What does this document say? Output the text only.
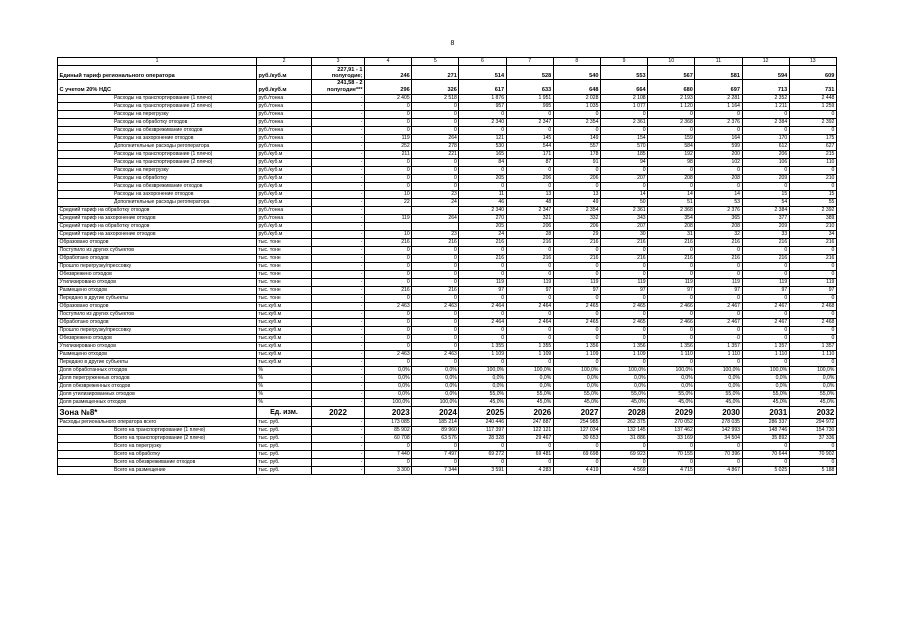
8
1	2	3	4	5	6	7	8	9	10	11	12	13
Единый тариф регионального оператора	руб./куб.м	227,91 - 1
полугодие;	246	271	514	528	540	553	567	581	594	609
С учетом 20% НДС	руб./куб.м	241,58 - 2
полугодие***	296	326	617	633	648	664	680	697	713	731
Расходы на транспортирование (1 плечо)	руб./тонна	-	2 405	2 518	1 876	1 951	2 028	2 108	2 193	2 281	2 352	2 448
Расходы на транспортирование (2 плечо)	руб./тонна	-	0	0	957	995	1 035	1 077	1 120	1 164	1 211	1 259
Расходы на перегрузку	руб./тонна	-	0	0	0	0	0	0	0	0	0	0
Расходы на обработку отходов	руб./тонна	-	0	0	2 340	2 347	2 354	2 361	2 368	2 376	2 384	2 392
Расходы на обезвреживание отходов	руб./тонна	-	0	0	0	0	0	0	0	0	0	0
Расходы на захоронение отходов	руб./тонна	-	119	264	121	145	149	154	159	164	170	175
Дополнительные расходы регоператора	руб./тонна	-	252	278	530	544	557	570	584	599	612	627
Расходы на транспортирование (1 плечо)	руб./куб.м	-	211	221	165	171	178	185	192	200	206	215
Расходы на транспортирование (2 плечо)	руб./куб.м	-	0	0	84	87	91	94	98	102	106	110
Расходы на перегрузку	руб./куб.м	-	0	0	0	0	0	0	0	0	0	0
Расходы на обработку	руб./куб.м	-	0	0	205	206	206	207	208	208	209	210
Расходы на обезвреживание отходов	руб./куб.м	-	0	0	0	0	0	0	0	0	0	0
Расходы на захоронение отходов	руб./куб.м	-	10	23	11	13	13	14	14	14	15	15
Дополнительные расходы регоператора	руб./куб.м	-	22	24	46	48	49	50	51	53	54	55
Средний тариф на обработку отходов	руб./тонна	-			2 340	2 347	2 354	2 361	2 368	2 376	2 384	2 392
Средний тариф на захоронение отходов	руб./тонна	-	119	264	270	321	332	343	354	365	377	389
Средний тариф на обработку отходов	руб./куб.м	-			205	206	206	207	208	208	209	210
Средний тариф на захоронение отходов	руб./куб.м	-	10	23	24	28	29	30	31	32	33	34
Образовано отходов	тыс. тонн	-	216	216	216	216	216	216	216	216	216	216
Поступило из других субъектов	тыс. тонн	-	0	0	0	0	0	0	0	0	0	0
Обработано отходов	тыс. тонн	-	0	0	216	216	216	216	216	216	216	216
Прошло перегрузку/прессовку	тыс. тонн	-	0	0	0	0	0	0	0	0	0	0
Обезврежено отходов	тыс. тонн	-	0	0	0	0	0	0	0	0	0	0
Утилизировано отходов	тыс. тонн	-	0	0	119	119	119	119	119	119	119	119
Размещено отходов	тыс. тонн	-	216	216	97	97	97	97	97	97	97	97
Передано в другие субъекты	тыс. тонн	-	0	0	0	0	0	0	0	0	0	0
Образовано отходов	тыс.куб.м	-	2 463	2 463	2 464	2 464	2 465	2 465	2 466	2 467	2 467	2 468
Поступило из других субъектов	тыс.куб.м	-	0	0	0	0	0	0	0	0	0	0
Обработано отходов	тыс.куб.м	-	0	0	2 464	2 464	2 465	2 465	2 466	2 467	2 467	2 468
Прошло перегрузку/прессовку	тыс.куб.м	-	0	0	0	0	0	0	0	0	0	0
Обезврежено отходов	тыс.куб.м	-	0	0	0	0	0	0	0	0	0	0
Утилизировано отходов	тыс.куб.м	-	0	0	1 355	1 355	1 356	1 356	1 356	1 357	1 357	1 357
Размещено отходов	тыс.куб.м	-	2 463	2 463	1 109	1 109	1 109	1 109	1 110	1 110	1 110	1 110
Передано в другие субъекты	тыс.куб.м	-	0	0	0	0	0	0	0	0	0	0
Доля обработанных отходов	%	-	0,0%	0,0%	100,0%	100,0%	100,0%	100,0%	100,0%	100,0%	100,0%	100,0%
Доля перегруженных отходов	%	-	0,0%	0,0%	0,0%	0,0%	0,0%	0,0%	0,0%	0,0%	0,0%	0,0%
Доля обезвреженных отходов	%	-	0,0%	0,0%	0,0%	0,0%	0,0%	0,0%	0,0%	0,0%	0,0%	0,0%
Доля утилизированных отходов	%	-	0,0%	0,0%	55,0%	55,0%	55,0%	55,0%	55,0%	55,0%	55,0%	55,0%
Доля размещенных отходов	%	-	100,0%	100,0%	45,0%	45,0%	45,0%	45,0%	45,0%	45,0%	45,0%	45,0%
Зона №8*	Ед. изм.	2022	2023	2024	2025	2026	2027	2028	2029	2030	2031	2032
Расходы регионального оператора всего	тыс. руб.	-	173 085	185 214	240 446	247 887	254 985	262 375	270 052	278 035	286 337	294 972
Всего на транспортирование (1 плечо)	тыс. руб.	-	85 902	89 960	117 397	122 121	127 034	132 145	137 462	142 993	148 746	154 730
Всего на транспортирование (2 плечо)	тыс. руб.	-	60 708	63 576	28 328	29 467	30 653	31 886	33 169	34 504	35 892	37 336
Всего на перегрузку	тыс. руб.	-	0	0	0	0	0	0	0	0	0	0
Всего на обработку	тыс. руб.	-	7 440	7 497	69 272	69 481	69 698	69 923	70 155	70 396	70 644	70 902
Всего на обезвреживание отходов	тыс. руб.	-	0	0	0	0	0	0	0	0	0	0
Всего на размещение	тыс. руб.	-	3 300	7 344	3 591	4 283	4 419	4 569	4 715	4 867	5 025	5 188
